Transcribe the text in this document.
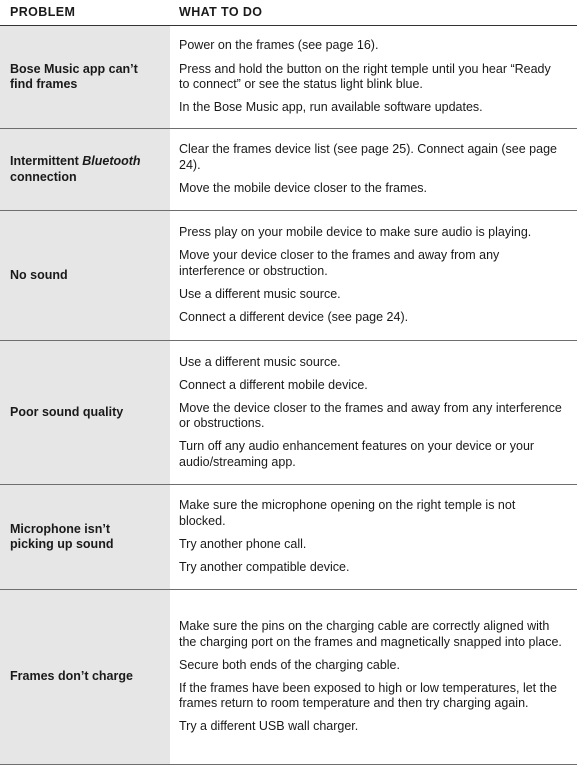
PROBLEM	WHAT TO DO
Bose Music app can’t find frames
Power on the frames (see page 16).
Press and hold the button on the right temple until you hear “Ready to connect” or see the status light blink blue.
In the Bose Music app, run available software updates.
Intermittent Bluetooth connection
Clear the frames device list (see page 25). Connect again (see page 24).
Move the mobile device closer to the frames.
No sound
Press play on your mobile device to make sure audio is playing.
Move your device closer to the frames and away from any interference or obstruction.
Use a different music source.
Connect a different device (see page 24).
Poor sound quality
Use a different music source.
Connect a different mobile device.
Move the device closer to the frames and away from any interference or obstructions.
Turn off any audio enhancement features on your device or your audio/streaming app.
Microphone isn’t picking up sound
Make sure the microphone opening on the right temple is not blocked.
Try another phone call.
Try another compatible device.
Frames don’t charge
Make sure the pins on the charging cable are correctly aligned with the charging port on the frames and magnetically snapped into place.
Secure both ends of the charging cable.
If the frames have been exposed to high or low temperatures, let the frames return to room temperature and then try charging again.
Try a different USB wall charger.
